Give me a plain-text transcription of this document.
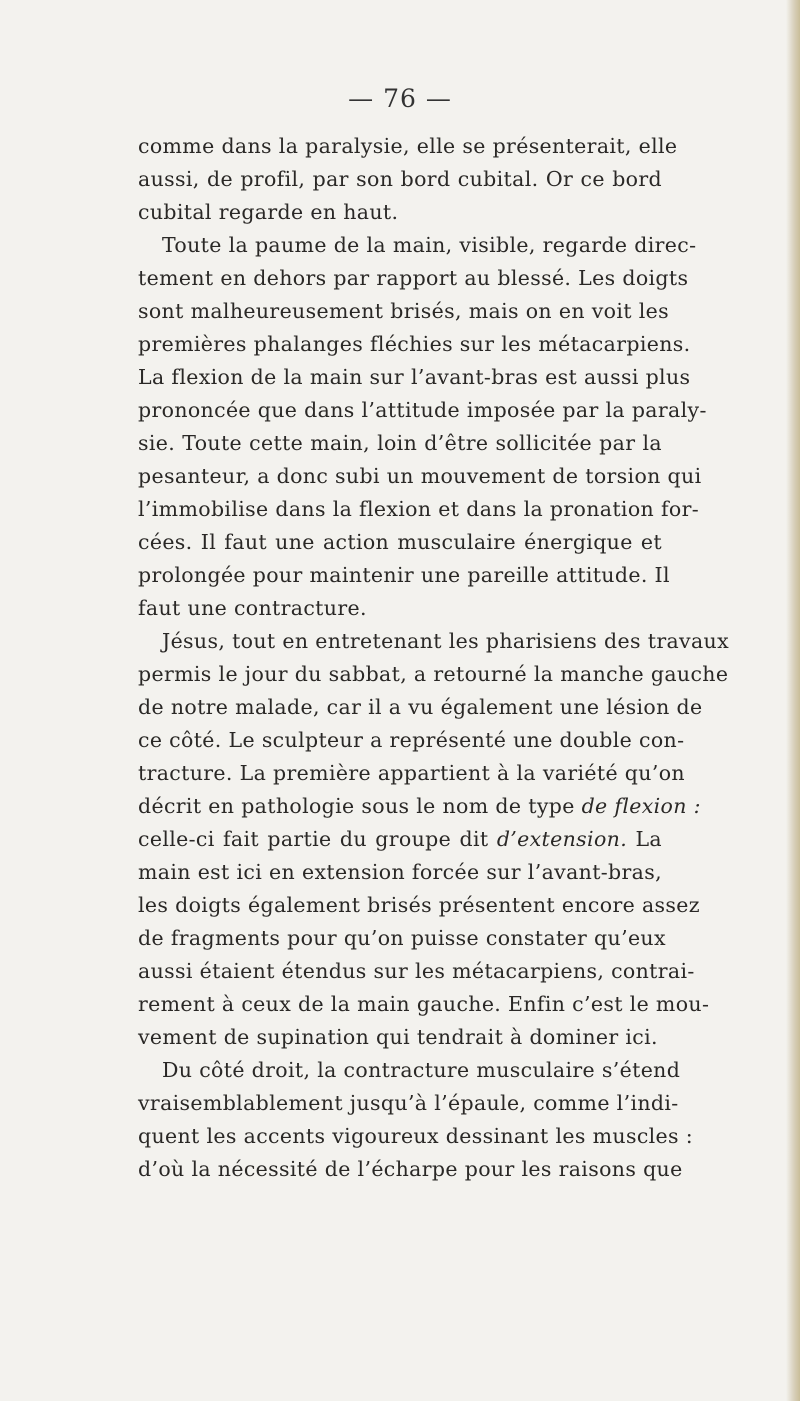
— 76 —
comme dans la paralysie, elle se présenterait, elle
aussi, de profil, par son bord cubital. Or ce bord
cubital regarde en haut.
Toute la paume de la main, visible, regarde direc-
tement en dehors par rapport au blessé. Les doigts
sont malheureusement brisés, mais on en voit les
premières phalanges fléchies sur les métacarpiens.
La flexion de la main sur l’avant-bras est aussi plus
prononcée que dans l’attitude imposée par la paraly-
sie. Toute cette main, loin d’être sollicitée par la
pesanteur, a donc subi un mouvement de torsion qui
l’immobilise dans la flexion et dans la pronation for-
cées. Il faut une action musculaire énergique et
prolongée pour maintenir une pareille attitude. Il
faut une contracture.
Jésus, tout en entretenant les pharisiens des travaux
permis le jour du sabbat, a retourné la manche gauche
de notre malade, car il a vu également une lésion de
ce côté. Le sculpteur a représenté une double con-
tracture. La première appartient à la variété qu’on
décrit en pathologie sous le nom de type de flexion :
celle-ci fait partie du groupe dit d’extension. La
main est ici en extension forcée sur l’avant-bras,
les doigts également brisés présentent encore assez
de fragments pour qu’on puisse constater qu’eux
aussi étaient étendus sur les métacarpiens, contrai-
rement à ceux de la main gauche. Enfin c’est le mou-
vement de supination qui tendrait à dominer ici.
Du côté droit, la contracture musculaire s’étend
vraisemblablement jusqu’à l’épaule, comme l’indi-
quent les accents vigoureux dessinant les muscles :
d’où la nécessité de l’écharpe pour les raisons que
